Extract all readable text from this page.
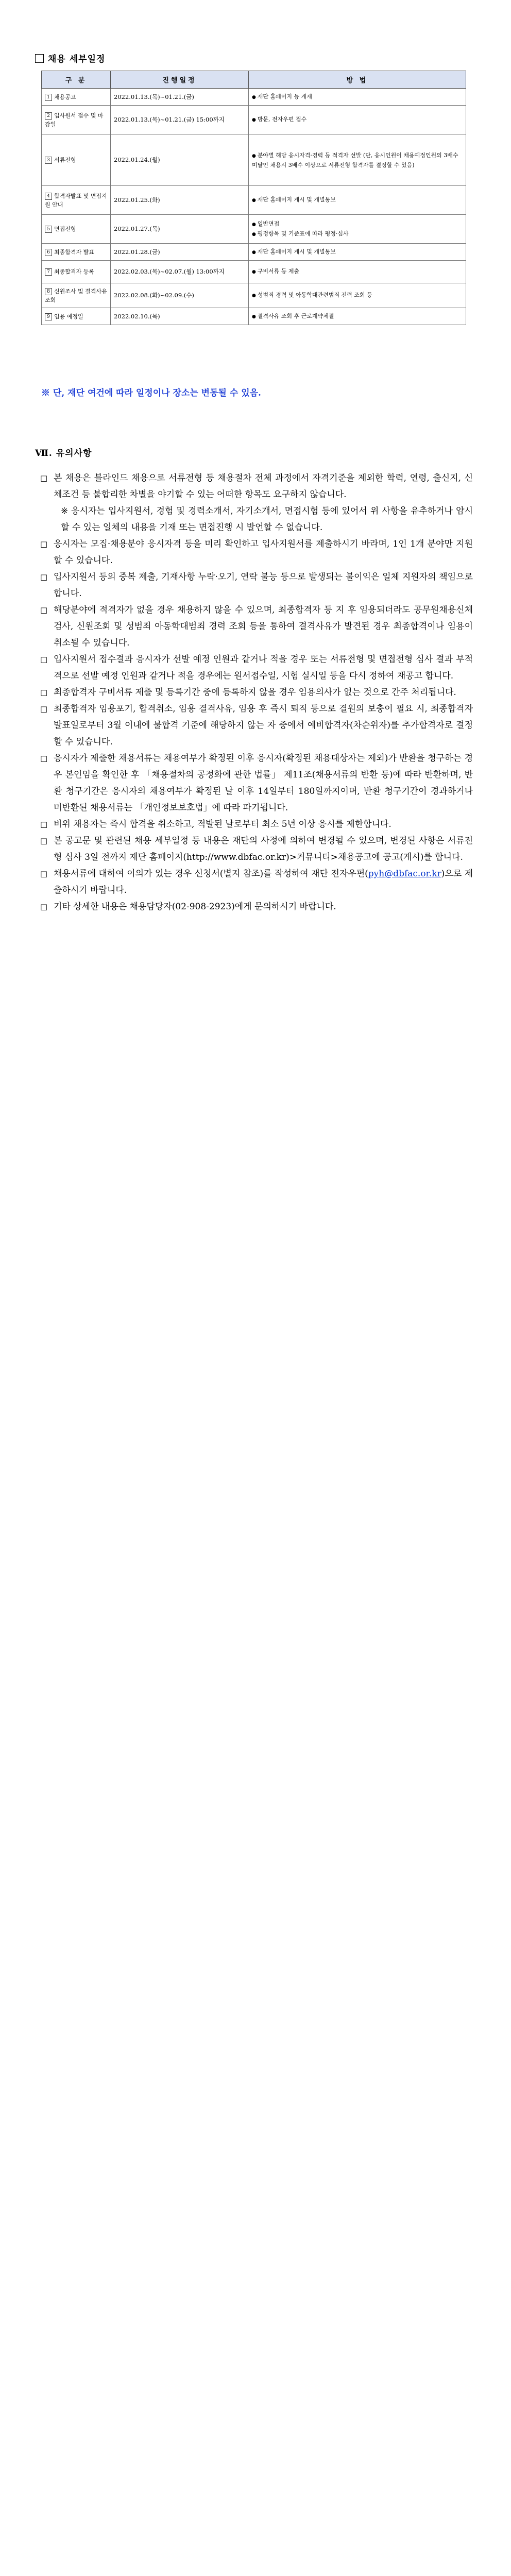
채용 세부일정
구 분	진행일정	방 법
1 채용공고	2022.01.13.(목)~01.21.(금)	● 재단 홈페이지 등 게재

2 입사원서 접수 및 마감일	2022.01.13.(목)~01.21.(금) 15:00까지	● 방문, 전자우편 접수

3 서류전형	2022.01.24.(월)	● 분야별 해당 응시자격·경력 등 적격자 선발 (단, 응시인원이 채용예정인원의 3배수 미달인 채용시 3배수 이상으로 서류전형 합격자를 결정할 수 있음)

4 합격자발표 및 면접지원 안내	2022.01.25.(화)	● 재단 홈페이지 게시 및 개별통보

5 면접전형	2022.01.27.(목)	● 일반면접
● 평정항목 및 기준표에 따라 평정·심사

6 최종합격자 발표	2022.01.28.(금)	● 재단 홈페이지 게시 및 개별통보

7 최종합격자 등록	2022.02.03.(목)~02.07.(월) 13:00까지	● 구비서류 등 제출

8 신원조사 및 결격사유 조회	2022.02.08.(화)~02.09.(수)	● 성범죄 경력 및 아동학대관련범죄 전력 조회 등

9 임용 예정일	2022.02.10.(목)	● 결격사유 조회 후 근로계약체결
※ 단, 재단 여건에 따라 일정이나 장소는 변동될 수 있음.
Ⅶ. 유의사항
□ 본 채용은 블라인드 채용으로 서류전형 등 채용절차 전체 과정에서 자격기준을 제외한 학력, 연령, 출신지, 신체조건 등 불합리한 차별을 야기할 수 있는 어떠한 항목도 요구하지 않습니다.
※ 응시자는 입사지원서, 경험 및 경력소개서, 자기소개서, 면접시험 등에 있어서 위 사항을 유추하거나 암시할 수 있는 일체의 내용을 기재 또는 면접진행 시 발언할 수 없습니다.
□ 응시자는 모집·채용분야 응시자격 등을 미리 확인하고 입사지원서를 제출하시기 바라며, 1인 1개 분야만 지원할 수 있습니다.
□ 입사지원서 등의 중복 제출, 기재사항 누락·오기, 연락 불능 등으로 발생되는 불이익은 일체 지원자의 책임으로 합니다.
□ 해당분야에 적격자가 없을 경우 채용하지 않을 수 있으며, 최종합격자 등 지 후 임용되더라도 공무원채용신체검사, 신원조회 및 성범죄 아동학대범죄 경력 조회 등을 통하여 결격사유가 발견된 경우 최종합격이나 임용이 취소될 수 있습니다.
□ 입사지원서 접수결과 응시자가 선발 예정 인원과 같거나 적을 경우 또는 서류전형 및 면접전형 심사 결과 부적격으로 선발 예정 인원과 같거나 적을 경우에는 원서접수일, 시험 실시일 등을 다시 정하여 재공고 합니다.
□ 최종합격자 구비서류 제출 및 등록기간 중에 등록하지 않을 경우 임용의사가 없는 것으로 간주 처리됩니다.
□ 최종합격자 임용포기, 합격취소, 임용 결격사유, 임용 후 즉시 퇴직 등으로 결원의 보충이 필요 시, 최종합격자 발표일로부터 3월 이내에 불합격 기준에 해당하지 않는 자 중에서 예비합격자(차순위자)를 추가합격자로 결정할 수 있습니다.
□ 응시자가 제출한 채용서류는 채용여부가 확정된 이후 응시자(확정된 채용대상자는 제외)가 반환을 청구하는 경우 본인임을 확인한 후 「채용절차의 공정화에 관한 법률」 제11조(채용서류의 반환 등)에 따라 반환하며, 반환 청구기간은 응시자의 채용여부가 확정된 날 이후 14일부터 180일까지이며, 반환 청구기간이 경과하거나 미반환된 채용서류는 「개인정보보호법」에 따라 파기됩니다.
□ 비위 채용자는 즉시 합격을 취소하고, 적발된 날로부터 최소 5년 이상 응시를 제한합니다.
□ 본 공고문 및 관련된 채용 세부일정 등 내용은 재단의 사정에 의하여 변경될 수 있으며, 변경된 사항은 서류전형 심사 3일 전까지 재단 홈페이지(http://www.dbfac.or.kr)>커뮤니티>채용공고에 공고(게시)를 합니다.
□ 채용서류에 대하여 이의가 있는 경우 신청서(별지 참조)를 작성하여 재단 전자우편(pyh@dbfac.or.kr)으로 제출하시기 바랍니다.
□ 기타 상세한 내용은 채용담당자(02-908-2923)에게 문의하시기 바랍니다.
